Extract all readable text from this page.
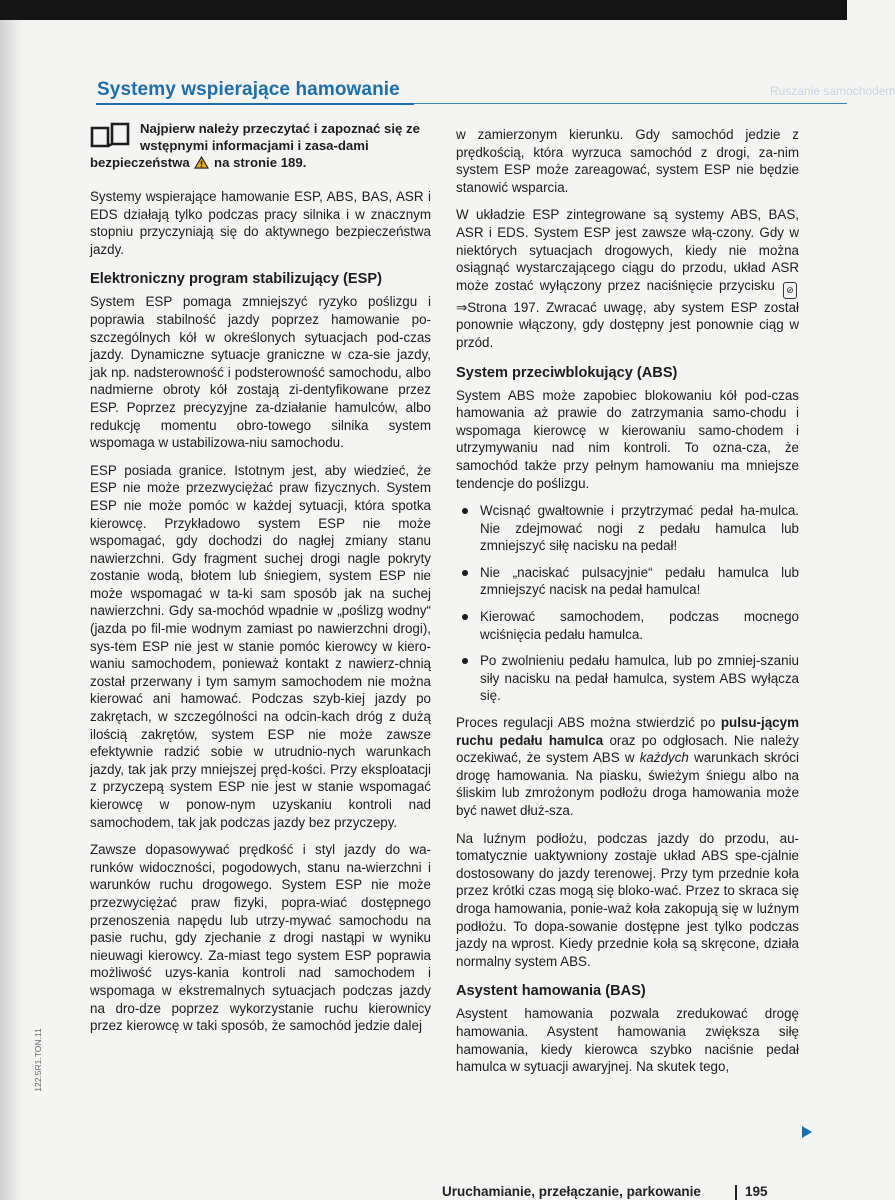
Systemy wspierające hamowanie	Ruszanie samochodem
Najpierw należy przeczytać i zapoznać się ze wstępnymi informacjami i zasa-dami bezpieczeństwa na stronie 189.

Systemy wspierające hamowanie ESP, ABS, BAS, ASR i EDS działają tylko podczas pracy silnika i w znacznym stopniu przyczyniają się do aktywnego bezpieczeństwa jazdy.

Elektroniczny program stabilizujący (ESP)

System ESP pomaga zmniejszyć ryzyko poślizgu i poprawia stabilność jazdy poprzez hamowanie po-szczególnych kół w określonych sytuacjach pod-czas jazdy. Dynamiczne sytuacje graniczne w cza-sie jazdy, jak np. nadsterowność i podsterowność samochodu, albo nadmierne obroty kół zostają zi-dentyfikowane przez ESP. Poprzez precyzyjne za-działanie hamulców, albo redukcję momentu obro-towego silnika system wspomaga w ustabilizowa-niu samochodu.

ESP posiada granice. Istotnym jest, aby wiedzieć, że ESP nie może przezwyciężać praw fizycznych. System ESP nie może pomóc w każdej sytuacji, która spotka kierowcę. Przykładowo system ESP nie może wspomagać, gdy dochodzi do nagłej zmiany stanu nawierzchni. Gdy fragment suchej drogi nagle pokryty zostanie wodą, błotem lub śniegiem, system ESP nie może wspomagać w ta-ki sam sposób jak na suchej nawierzchni. Gdy sa-mochód wpadnie w „poślizg wodny“ (jazda po fil-mie wodnym zamiast po nawierzchni drogi), sys-tem ESP nie jest w stanie pomóc kierowcy w kiero-waniu samochodem, ponieważ kontakt z nawierz-chnią został przerwany i tym samym samochodem nie można kierować ani hamować. Podczas szyb-kiej jazdy po zakrętach, w szczególności na odcin-kach dróg z dużą ilością zakrętów, system ESP nie może zawsze efektywnie radzić sobie w utrudnio-nych warunkach jazdy, tak jak przy mniejszej pręd-kości. Przy eksploatacji z przyczepą system ESP nie jest w stanie wspomagać kierowcę w ponow-nym uzyskaniu kontroli nad samochodem, tak jak podczas jazdy bez przyczepy.

Zawsze dopasowywać prędkość i styl jazdy do wa-runków widoczności, pogodowych, stanu na-wierzchni i warunków ruchu drogowego. System ESP nie może przezwyciężać praw fizyki, popra-wiać dostępnego przenoszenia napędu lub utrzy-mywać samochodu na pasie ruchu, gdy zjechanie z drogi nastąpi w wyniku nieuwagi kierowcy. Za-miast tego system ESP poprawia możliwość uzys-kania kontroli nad samochodem i wspomaga w ekstremalnych sytuacjach podczas jazdy na dro-dze poprzez wykorzystanie ruchu kierownicy przez kierowcę w taki sposób, że samochód jedzie dalej

w zamierzonym kierunku. Gdy samochód jedzie z prędkością, która wyrzuca samochód z drogi, za-nim system ESP może zareagować, system ESP nie będzie stanowić wsparcia.

W układzie ESP zintegrowane są systemy ABS, BAS, ASR i EDS. System ESP jest zawsze włą-czony. Gdy w niektórych sytuacjach drogowych, kiedy nie można osiągnąć wystarczającego ciągu do przodu, układ ASR może zostać wyłączony przez naciśnięcie przycisku ⊘ ⇒Strona 197. Zwracać uwagę, aby system ESP został ponownie włączony, gdy dostępny jest ponownie ciąg w przód.

System przeciwblokujący (ABS)

System ABS może zapobiec blokowaniu kół pod-czas hamowania aż prawie do zatrzymania samo-chodu i wspomaga kierowcę w kierowaniu samo-chodem i utrzymywaniu nad nim kontroli. To ozna-cza, że samochód także przy pełnym hamowaniu ma mniejsze tendencje do poślizgu.

Wcisnąć gwałtownie i przytrzymać pedał ha-mulca. Nie zdejmować nogi z pedału hamulca lub zmniejszyć siłę nacisku na pedał!
Nie „naciskać pulsacyjnie“ pedału hamulca lub zmniejszyć nacisk na pedał hamulca!
Kierować samochodem, podczas mocnego wciśnięcia pedału hamulca.
Po zwolnieniu pedału hamulca, lub po zmniej-szaniu siły nacisku na pedał hamulca, system ABS wyłącza się.

Proces regulacji ABS można stwierdzić po pulsu-jącym ruchu pedału hamulca oraz po odgłosach. Nie należy oczekiwać, że system ABS w każdych warunkach skróci drogę hamowania. Na piasku, świeżym śniegu albo na śliskim lub zmrożonym podłożu droga hamowania może być nawet dłuż-sza.

Na luźnym podłożu, podczas jazdy do przodu, au-tomatycznie uaktywniony zostaje układ ABS spe-cjalnie dostosowany do jazdy terenowej. Przy tym przednie koła przez krótki czas mogą się bloko-wać. Przez to skraca się droga hamowania, ponie-waż koła zakopują się w luźnym podłożu. To dopa-sowanie dostępne jest tylko podczas jazdy na wprost. Kiedy przednie koła są skręcone, działa normalny system ABS.

Asystent hamowania (BAS)

Asystent hamowania pozwala zredukować drogę hamowania. Asystent hamowania zwiększa siłę hamowania, kiedy kierowca szybko naciśnie pedał hamulca w sytuacji awaryjnej. Na skutek tego,

Uruchamianie, przełączanie, parkowanie	195
122.5R1.TON.11
